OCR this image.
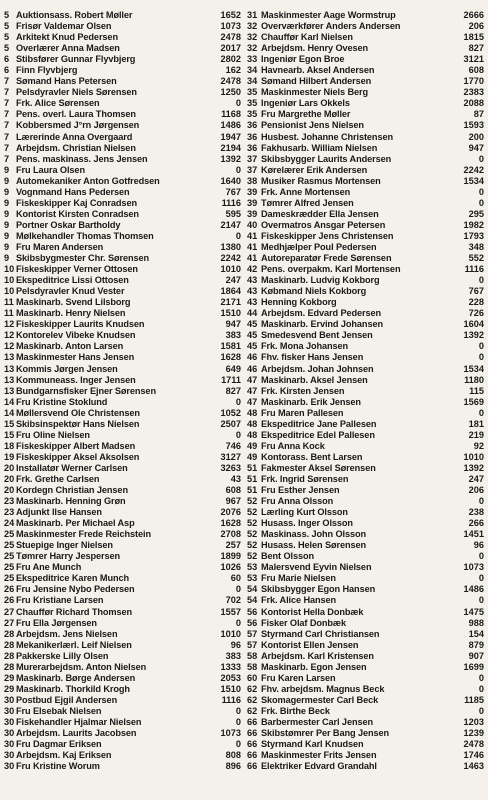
5 Auktionsass. Robert Møller	1652
5 Frisør Valdemar Olsen	1073
5 Arkitekt Knud Pedersen	2478
5 Overlærer Anna Madsen	2017
6 Stibsfører Gunnar Flyvbjerg	2802
6 Finn Flyvbjerg	162
7 Sømand Hans Petersen	2478
7 Pelsdyravler Niels Sørensen	1250
7 Frk. Alice Sørensen	0
7 Pens. overl. Laura Thomsen	1168
7 Kobbersmed J°rn Jørgensen	1486
7 Lærerinde Anna Overgaard	1947
7 Arbejdsm. Christian Nielsen	2194
7 Pens. maskinass. Jens Jensen	1392
9 Fru Laura Olsen	0
9 Automekaniker Anton Gotfredsen	1640
9 Vognmand Hans Pedersen	767
9 Fiskeskipper Kaj Conradsen	1116
9 Kontorist Kirsten Conradsen	595
9 Portner Oskar Bartholdy	2147
9 Mølkehandler Thomas Thomsen	0
9 Fru Maren Andersen	1380
9 Skibsbygmester Chr. Sørensen	2242
10 Fiskeskipper Verner Ottosen	1010
10 Ekspeditrice Lissi Ottosen	247
10 Pelsdyravler Knud Vester	1864
11 Maskinarb. Svend Lilsborg	2171
11 Maskinarb. Henry Nielsen	1510
12 Fiskeskipper Laurits Knudsen	947
12 Kontorelev Vibeke Knudsen	383
12 Maskinarb. Anton Larsen	1581
13 Maskinmester Hans Jensen	1628
13 Kommis Jørgen Jensen	649
13 Kommuneass. Inger Jensen	1711
13 Bundgarnsfisker Ejner Sørensen	827
14 Fru Kristine Stoklund	0
14 Møllersvend Ole Christensen	1052
15 Skibsinspektør Hans Nielsen	2507
15 Fru Oline Nielsen	0
18 Fiskeskipper Albert Madsen	746
19 Fiskeskipper Aksel Aksolsen	3127
20 Installatør Werner Carlsen	3263
20 Frk. Grethe Carlsen	43
20 Kordegn Christian Jensen	608
23 Maskinarb. Henning Grøn	967
23 Adjunkt Ilse Hansen	2076
24 Maskinarb. Per Michael Asp	1628
25 Maskinmester Frede Reichstein	2708
25 Stuepige Inger Nielsen	257
25 Tømrer Harry Jespersen	1899
25 Fru Ane Munch	1026
25 Ekspeditrice Karen Munch	60
26 Fru Jensine Nybo Pedersen	0
26 Fru Kristiane Larsen	702
27 Chauffør Richard Thomsen	1557
27 Fru Ella Jørgensen	0
28 Arbejdsm. Jens Nielsen	1010
28 Mekanikerlærl. Leif Nielsen	96
28 Pakkerske Lilly Olsen	383
28 Murerarbejdsm. Anton Nielsen	1333
29 Maskinarb. Børge Andersen	2053
29 Maskinarb. Thorkild Krogh	1510
30 Postbud Ejgil Andersen	1116
30 Fru Elsebak Nielsen	0
30 Fiskehandler Hjalmar Nielsen	0
30 Arbejdsm. Laurits Jacobsen	1073
30 Fru Dagmar Eriksen	0
30 Arbejdsm. Kaj Eriksen	808
30 Fru Kristine Worum	896
31 Maskinmester Aage Wormstrup	2666
32 Overværkfører Anders Andersen	206
32 Chauffør Karl Nielsen	1815
32 Arbejdsm. Henry Ovesen	827
33 Ingeniør Egon Broe	3121
34 Havnearb. Aksel Andersen	608
34 Sømand Hilbert Andersen	1770
35 Maskinmester Niels Berg	2383
35 Ingeniør Lars Okkels	2088
35 Fru Margrethe Møller	87
36 Pensionist Jens Nielsen	1593
36 Husbest. Johanne Christensen	200
36 Fakhusarb. William Nielsen	947
37 Skibsbygger Laurits Andersen	0
37 Kørelærer Erik Andersen	2242
38 Musiker Rasmus Mortensen	1534
39 Frk. Anne Mortensen	0
39 Tømrer Alfred Jensen	0
39 Dameskrædder Ella Jensen	295
40 Overmatros Ansgar Petersen	1982
41 Fiskeskipper Jens Christensen	1793
41 Medhjælper Poul Pedersen	348
41 Autoreparatør Frede Sørensen	552
42 Pens. overpakm. Karl Mortensen	1116
43 Maskinarb. Ludvig Kokborg	0
43 Købmand Niels Kokborg	767
43 Henning Kokborg	228
44 Arbejdsm. Edvard Pedersen	726
45 Maskinarb. Ervind Johansen	1604
45 Smedesvend Bent Jensen	1392
45 Frk. Mona Johansen	0
46 Fhv. fisker Hans Jensen	0
46 Arbejdsm. Johan Johnsen	1534
47 Maskinarb. Aksel Jensen	1180
47 Frk. Kirsten Jensen	115
47 Maskinarb. Erik Jensen	1569
48 Fru Maren Pallesen	0
48 Ekspeditrice Jane Pallesen	181
48 Ekspeditrice Edel Pallesen	219
49 Fru Anna Kock	92
49 Kontorass. Bent Larsen	1010
51 Fakmester Aksel Sørensen	1392
51 Frk. Ingrid Sørensen	247
51 Fru Esther Jensen	206
52 Fru Anna Olsson	0
52 Lærling Kurt Olsson	238
52 Husass. Inger Olsson	266
52 Maskinass. John Olsson	1451
52 Husass. Helen Sørensen	96
52 Bent Olsson	0
53 Malersvend Eyvin Nielsen	1073
53 Fru Marie Nielsen	0
54 Skibsbygger Egon Hansen	1486
54 Frk. Alice Hansen	0
56 Kontorist Hella Donbæk	1475
56 Fisker Olaf Donbæk	988
57 Styrmand Carl Christiansen	154
57 Kontorist Ellen Jensen	879
58 Arbejdsm. Karl Kristensen	907
58 Maskinarb. Egon Jensen	1699
60 Fru Karen Larsen	0
62 Fhv. arbejdsm. Magnus Beck	0
62 Skomagermester Carl Beck	1185
62 Frk. Birthe Beck	0
66 Barbermester Carl Jensen	1203
66 Skibstømrer Per Bang Jensen	1239
66 Styrmand Karl Knudsen	2478
66 Maskinmester Frits Jensen	1746
66 Elektriker Edvard Grandahl	1463
